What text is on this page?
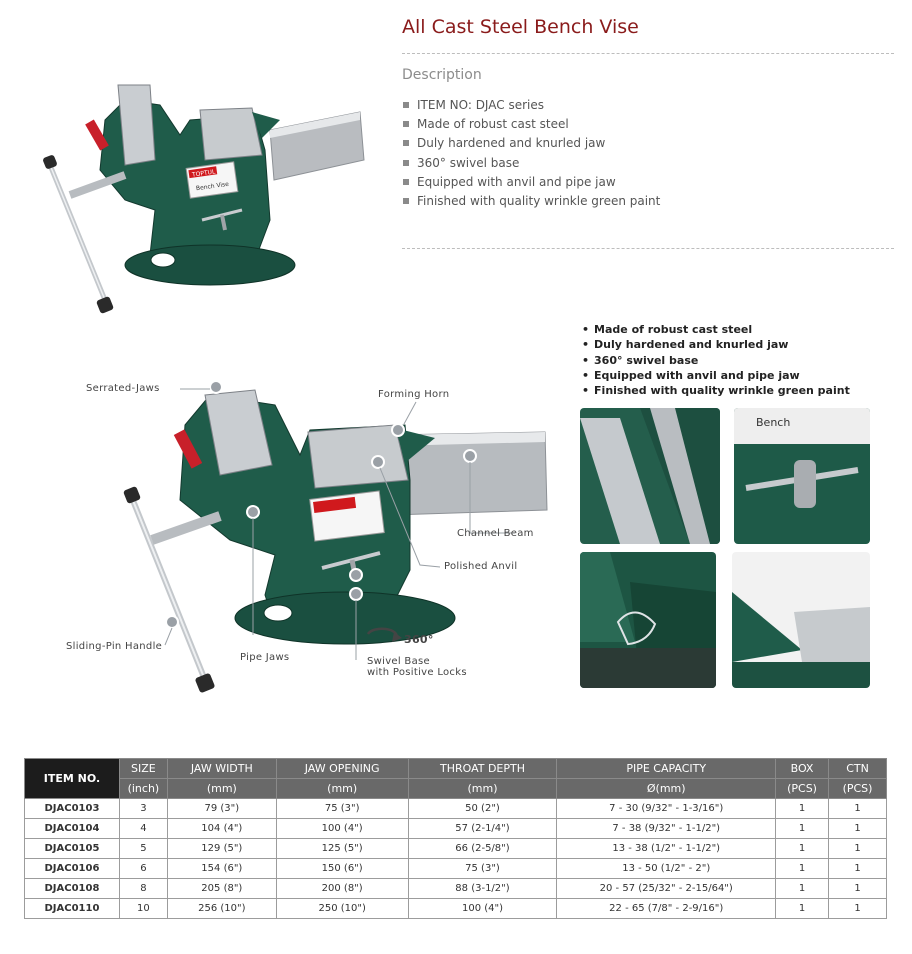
TOPTUL
Bench Vise
All Cast Steel Bench Vise
Description
ITEM NO: DJAC series
Made of robust cast steel
Duly hardened and knurled jaw
360° swivel base
Equipped with anvil and pipe jaw
Finished with quality wrinkle green paint
Serrated-Jaws
Forming Horn
Channel Beam
Polished Anvil
Sliding-Pin Handle
Pipe Jaws
360°
Swivel Base
with Positive Locks
• Made of robust cast steel
• Duly hardened and knurled jaw
• 360° swivel base
• Equipped with anvil and pipe jaw
• Finished with quality wrinkle green paint
Bench
ITEM NO.	SIZE	JAW WIDTH	JAW OPENING	THROAT DEPTH	PIPE CAPACITY	BOX	CTN
	(inch)	(mm)	(mm)	(mm)	Ø(mm)	(PCS)	(PCS)
DJAC0103	3	79 (3")	75 (3")	50 (2")	7 - 30 (9/32" - 1-3/16")	1	1
DJAC0104	4	104 (4")	100 (4")	57 (2-1/4")	7 - 38 (9/32" - 1-1/2")	1	1
DJAC0105	5	129 (5")	125 (5")	66 (2-5/8")	13 - 38 (1/2" - 1-1/2")	1	1
DJAC0106	6	154 (6")	150 (6")	75 (3")	13 - 50 (1/2" - 2")	1	1
DJAC0108	8	205 (8")	200 (8")	88 (3-1/2")	20 - 57 (25/32" - 2-15/64")	1	1
DJAC0110	10	256 (10")	250 (10")	100 (4")	22 - 65 (7/8" - 2-9/16")	1	1
